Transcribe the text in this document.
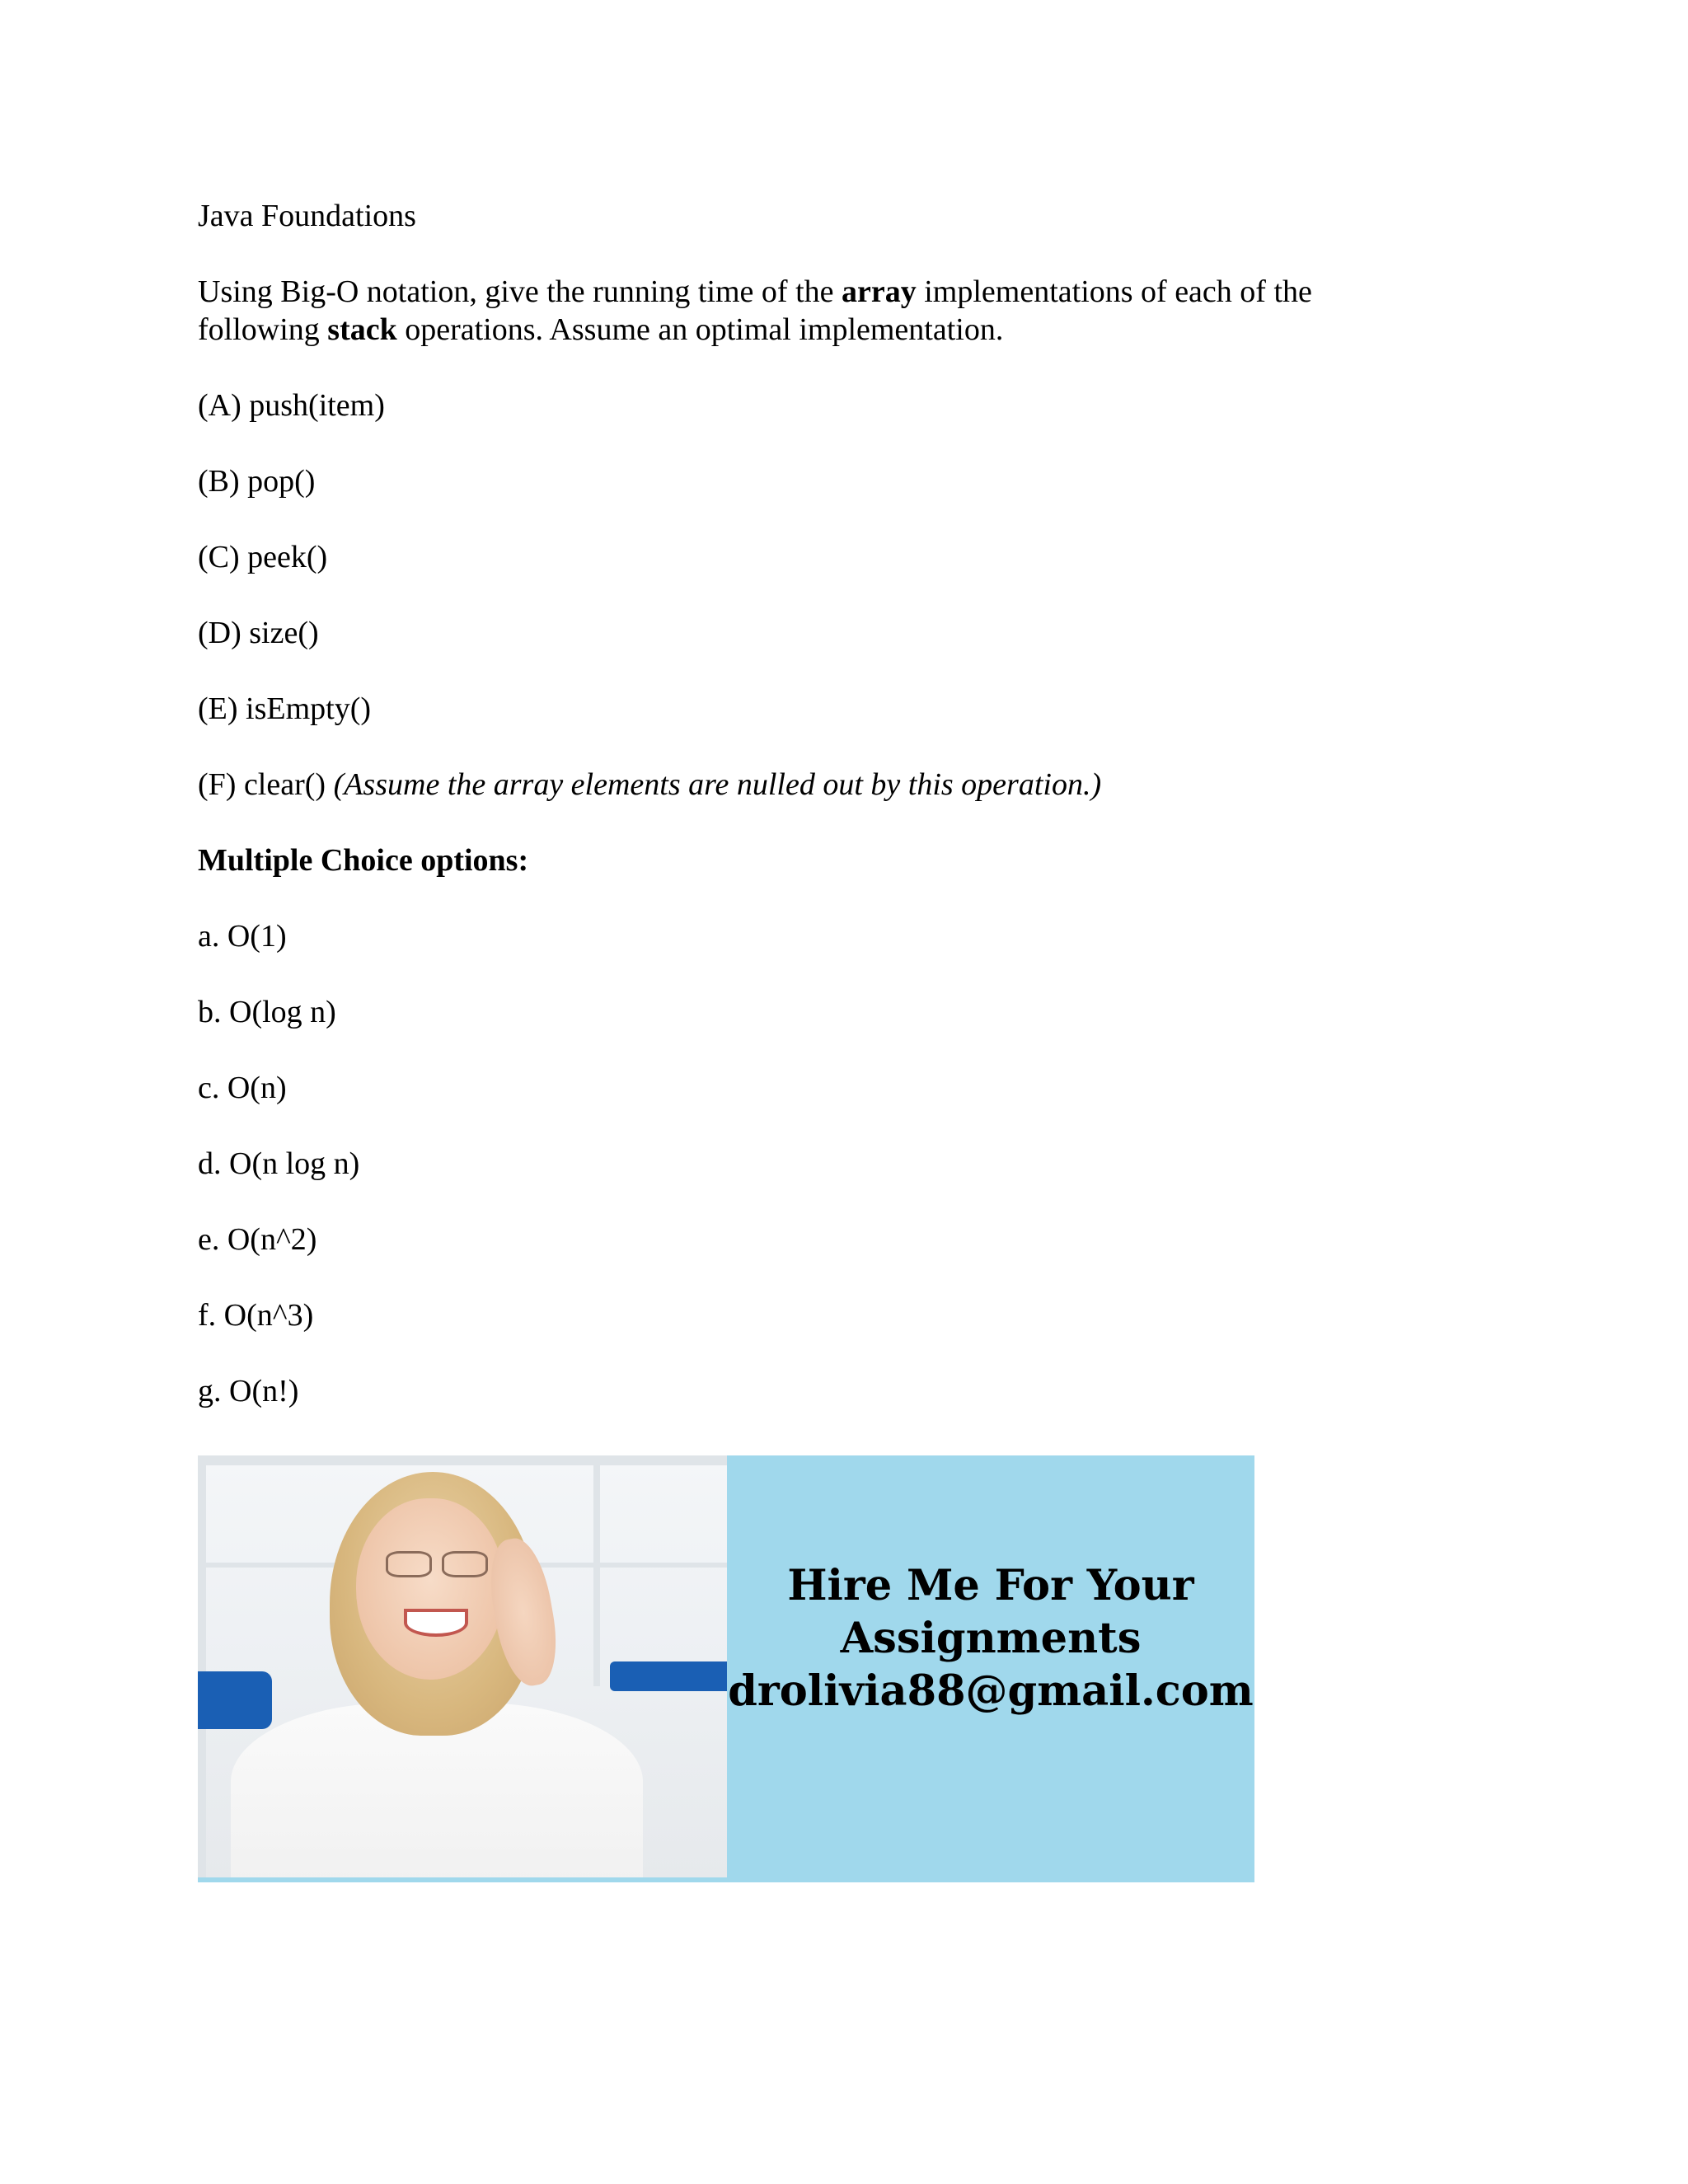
Java Foundations
Using Big-O notation, give the running time of the array implementations of each of the following stack operations. Assume an optimal implementation.
(A) push(item)
(B) pop()
(C) peek()
(D) size()
(E) isEmpty()
(F) clear() (Assume the array elements are nulled out by this operation.)
Multiple Choice options:
a. O(1)
b. O(log n)
c. O(n)
d. O(n log n)
e. O(n^2)
f. O(n^3)
g. O(n!)
Hire Me For Your
Assignments
drolivia88@gmail.com
